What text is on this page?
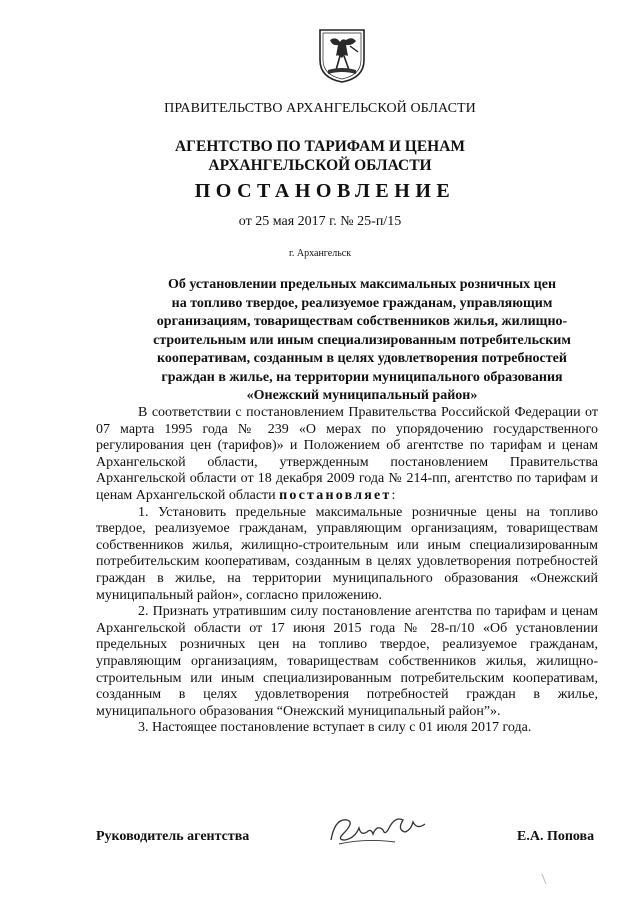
ПРАВИТЕЛЬСТВО АРХАНГЕЛЬСКОЙ ОБЛАСТИ
АГЕНТСТВО ПО ТАРИФАМ И ЦЕНАМ
АРХАНГЕЛЬСКОЙ ОБЛАСТИ
ПОСТАНОВЛЕНИЕ
от 25 мая 2017 г. № 25-п/15
г. Архангельск
Об установлении предельных максимальных розничных цен
на топливо твердое, реализуемое гражданам, управляющим
организациям, товариществам собственников жилья, жилищно-
строительным или иным специализированным потребительским
кооперативам, созданным в целях удовлетворения потребностей
граждан в жилье, на территории муниципального образования
«Онежский муниципальный район»

В соответствии с постановлением Правительства Российской Федерации от 07 марта 1995 года № 239 «О мерах по упорядочению государственного регулирования цен (тарифов)» и Положением об агентстве по тарифам и ценам Архангельской области, утвержденным постановлением Правительства Архангельской области от 18 декабря 2009 года № 214-пп, агентство по тарифам и ценам Архангельской области постановляет:

1. Установить предельные максимальные розничные цены на топливо твердое, реализуемое гражданам, управляющим организациям, товариществам собственников жилья, жилищно-строительным или иным специализированным потребительским кооперативам, созданным в целях удовлетворения потребностей граждан в жилье, на территории муниципального образования «Онежский муниципальный район», согласно приложению.

2. Признать утратившим силу постановление агентства по тарифам и ценам Архангельской области от 17 июня 2015 года № 28-п/10 «Об установлении предельных розничных цен на топливо твердое, реализуемое гражданам, управляющим организациям, товариществам собственников жилья, жилищно-строительным или иным специализированным потребительским кооперативам, созданным в целях удовлетворения потребностей граждан в жилье, муниципального образования “Онежский муниципальный район”».

3. Настоящее постановление вступает в силу с 01 июля 2017 года.

Руководитель агентства	Е.А. Попова
